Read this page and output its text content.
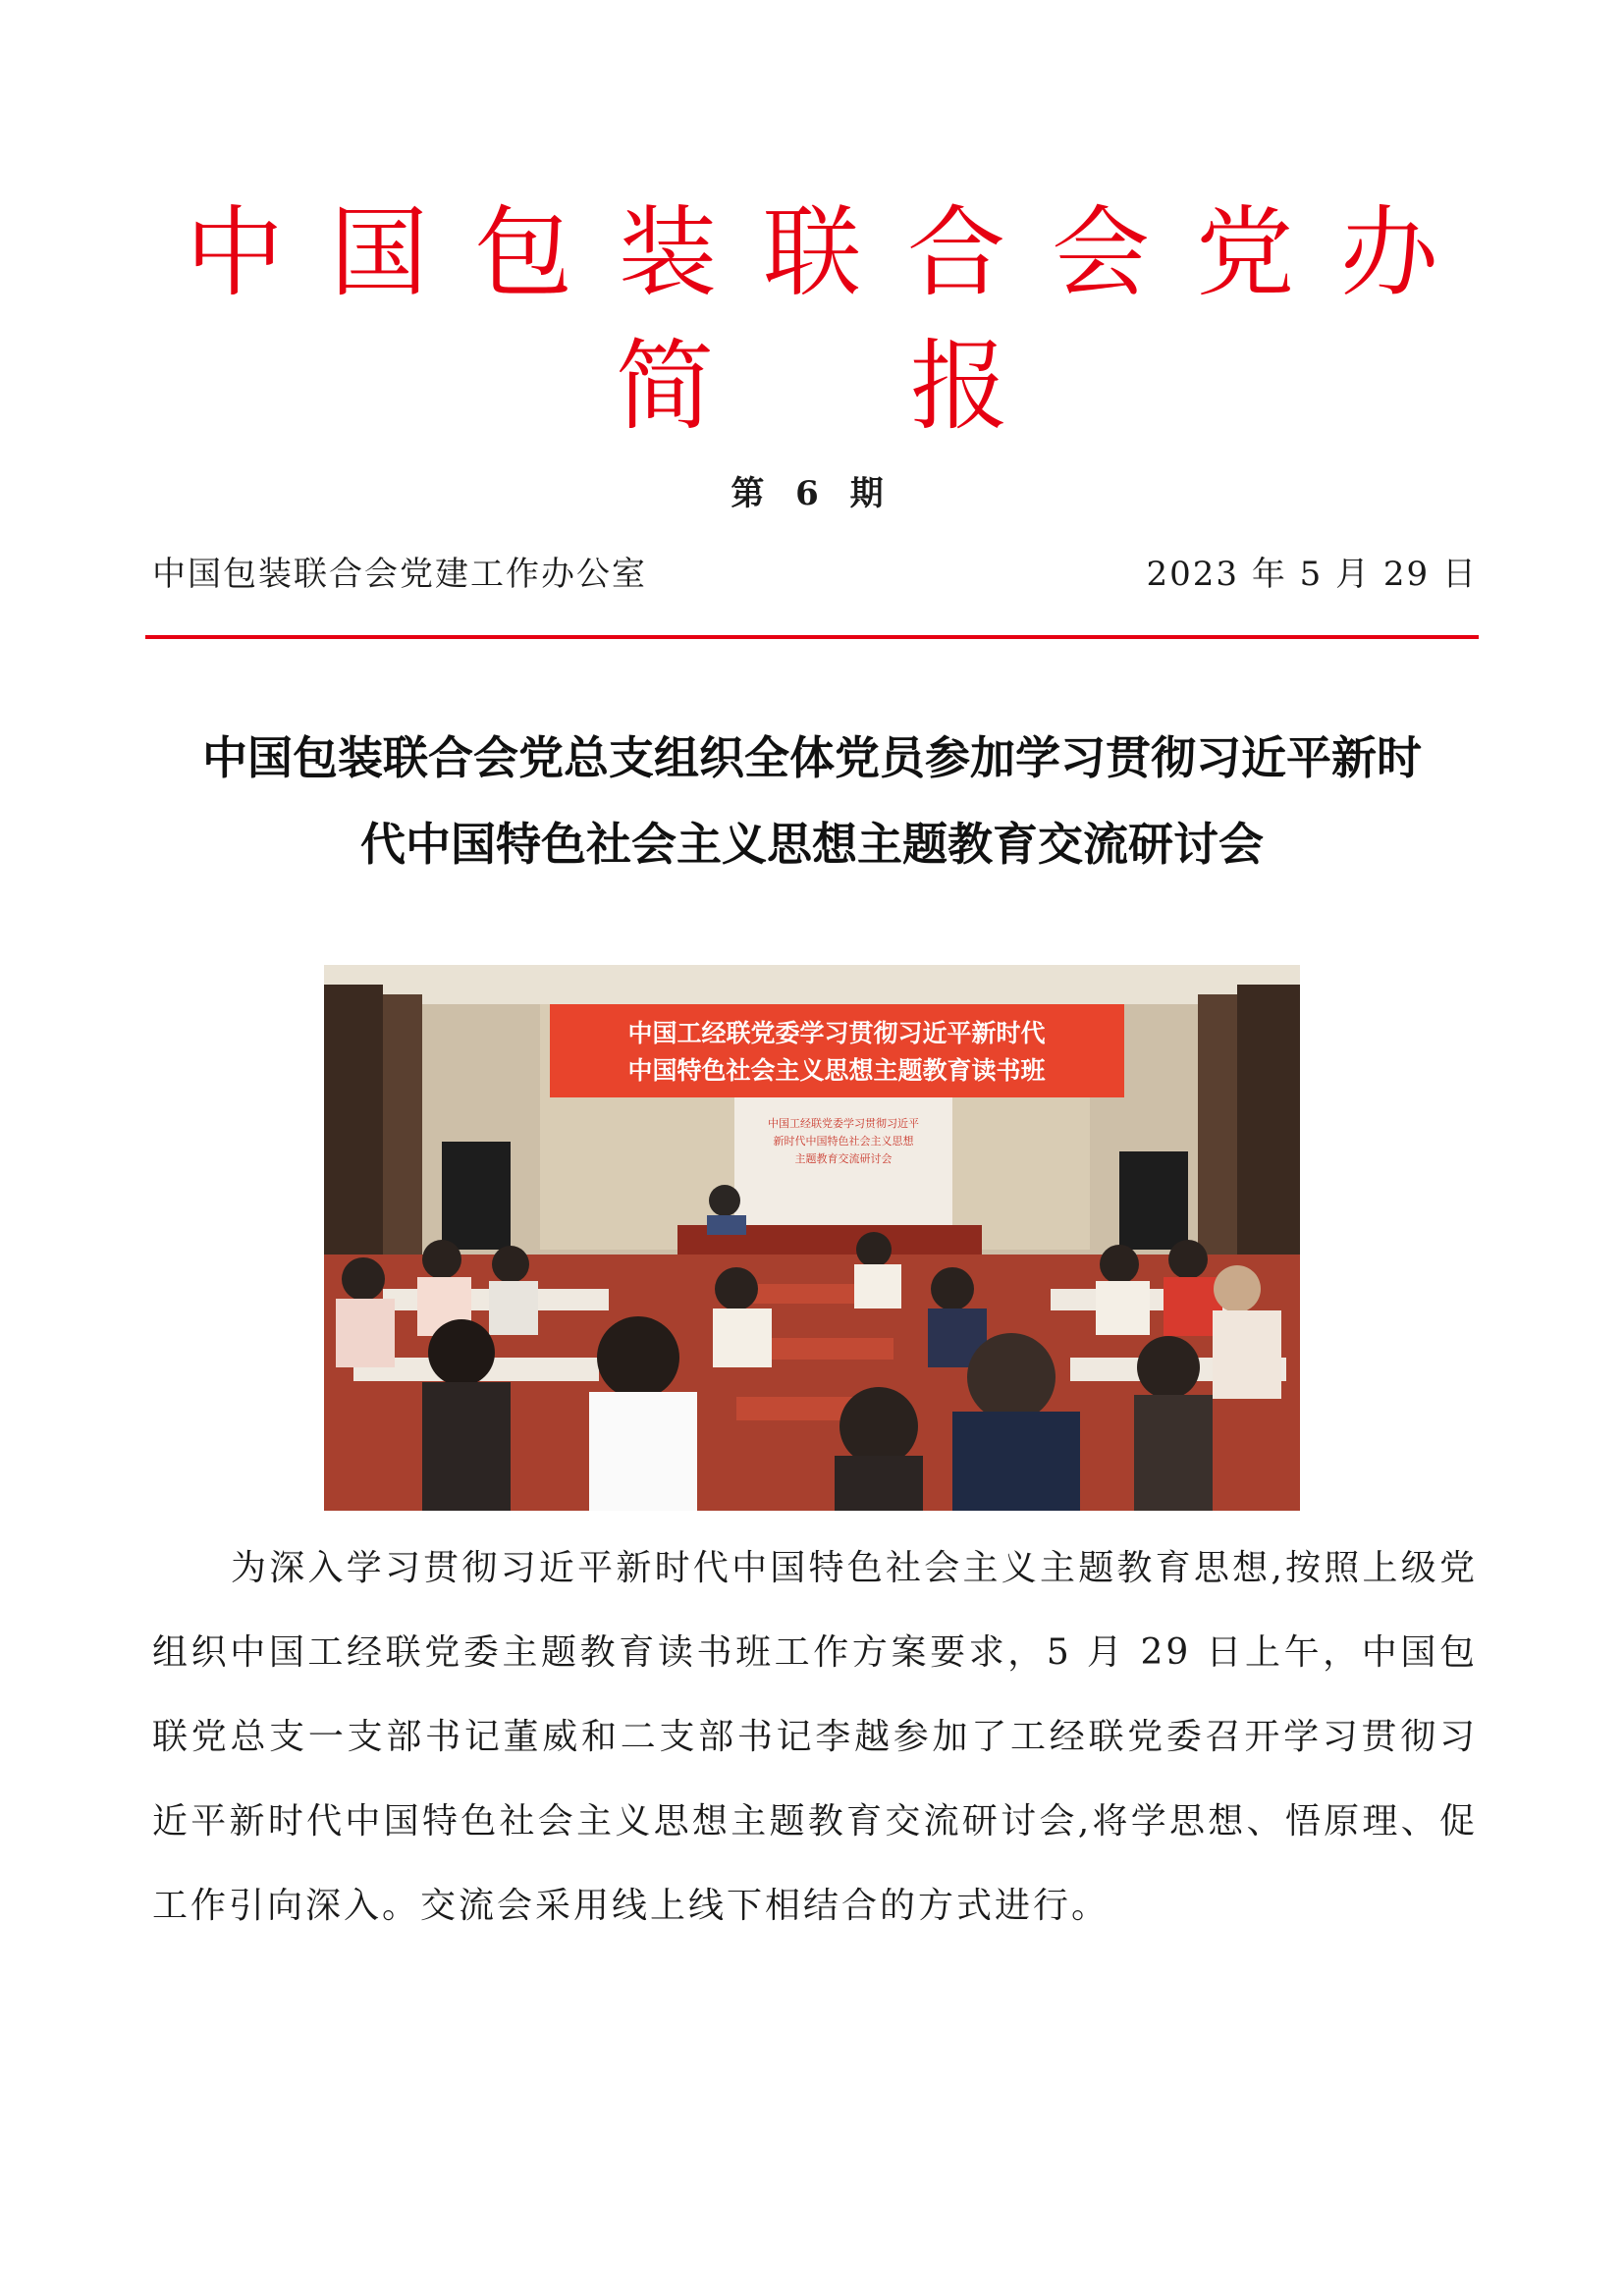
中国包装联合会党办
简报
第 6 期
中国包装联合会党建工作办公室	2023 年 5 月 29 日
中国包装联合会党总支组织全体党员参加学习贯彻习近平新时
代中国特色社会主义思想主题教育交流研讨会
中国工经联党委学习贯彻习近平新时代
中国特色社会主义思想主题教育读书班
中国工经联党委学习贯彻习近平
新时代中国特色社会主义思想
主题教育交流研讨会

为深入学习贯彻习近平新时代中国特色社会主义主题教育思想,按照上级党组织中国工经联党委主题教育读书班工作方案要求，5 月 29 日上午，中国包联党总支一支部书记董威和二支部书记李越参加了工经联党委召开学习贯彻习近平新时代中国特色社会主义思想主题教育交流研讨会,将学思想、悟原理、促工作引向深入。交流会采用线上线下相结合的方式进行。
